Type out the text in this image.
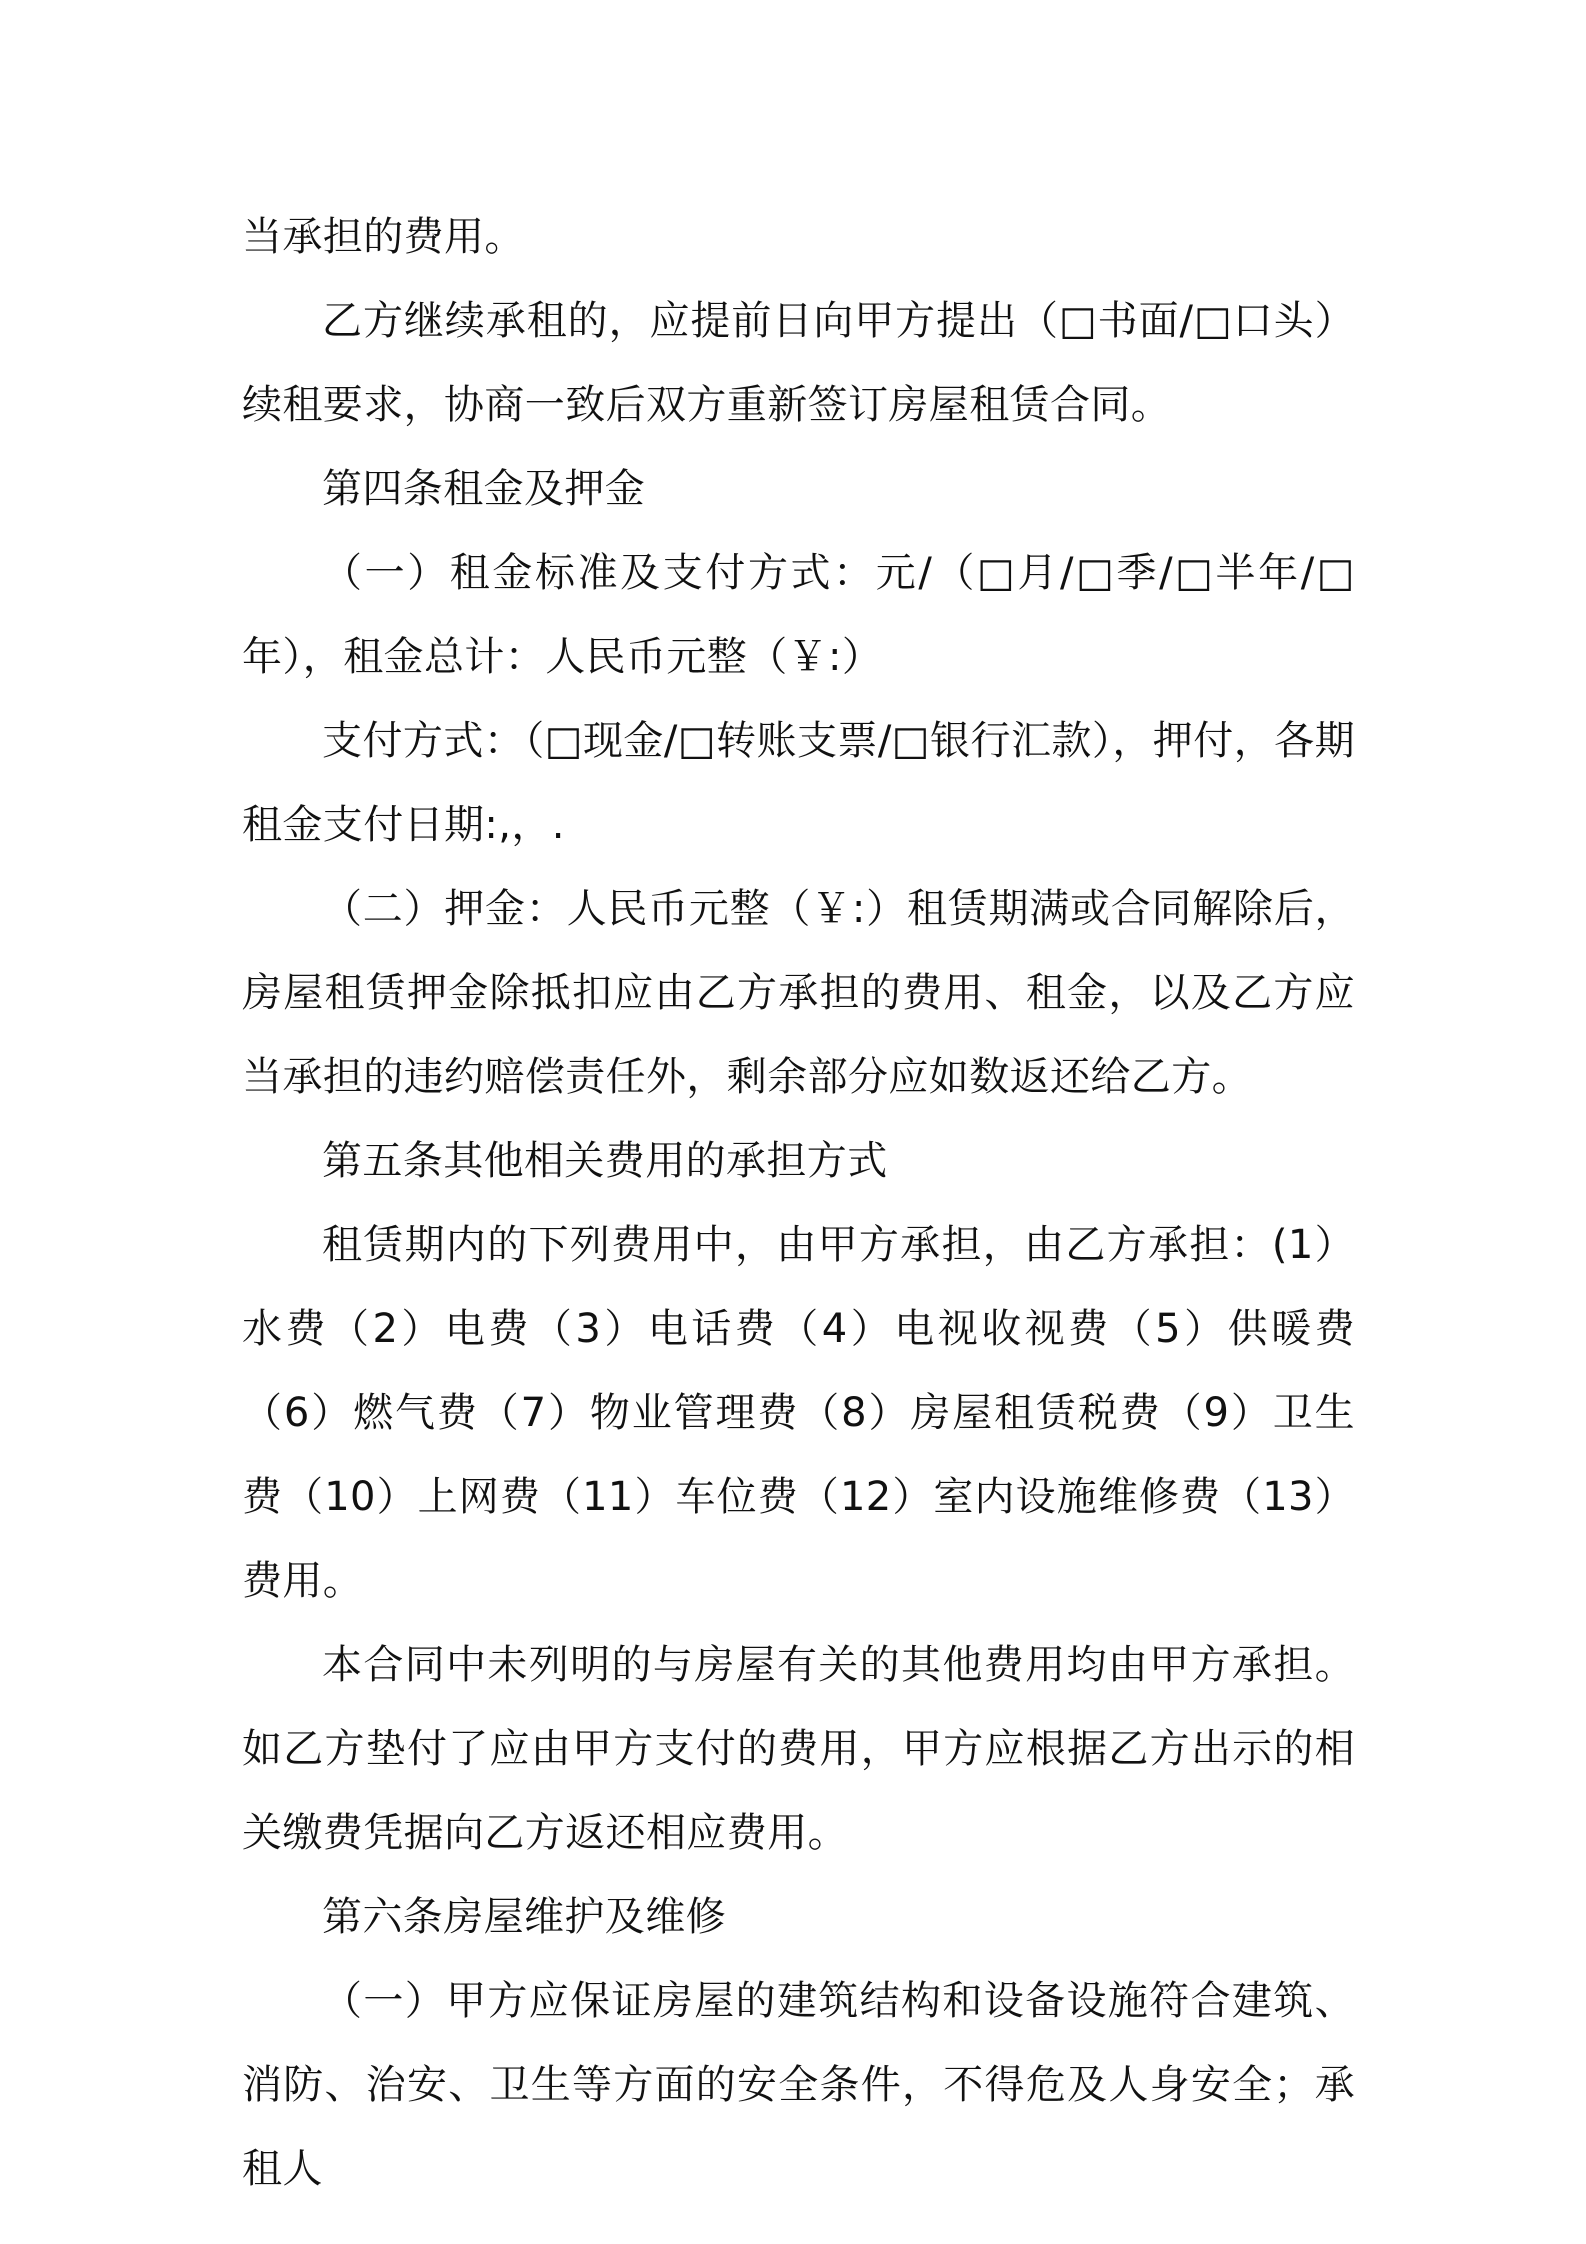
当承担的费用。

乙方继续承租的，应提前日向甲方提出（□书面/□口头）续租要求，协商一致后双方重新签订房屋租赁合同。

第四条租金及押金

（一）租金标准及支付方式：元/（□月/□季/□半年/□年），租金总计：人民币元整（￥:）

支付方式：（□现金/□转账支票/□银行汇款），押付，各期租金支付日期:,，.

（二）押金：人民币元整（￥:）租赁期满或合同解除后，房屋租赁押金除抵扣应由乙方承担的费用、租金，以及乙方应当承担的违约赔偿责任外，剩余部分应如数返还给乙方。

第五条其他相关费用的承担方式

租赁期内的下列费用中，由甲方承担，由乙方承担：(1）水费（2）电费（3）电话费（4）电视收视费（5）供暖费（6）燃气费（7）物业管理费（8）房屋租赁税费（9）卫生费（10）上网费（11）车位费（12）室内设施维修费（13）费用。

本合同中未列明的与房屋有关的其他费用均由甲方承担。如乙方垫付了应由甲方支付的费用，甲方应根据乙方出示的相关缴费凭据向乙方返还相应费用。

第六条房屋维护及维修

（一）甲方应保证房屋的建筑结构和设备设施符合建筑、消防、治安、卫生等方面的安全条件，不得危及人身安全；承租人
